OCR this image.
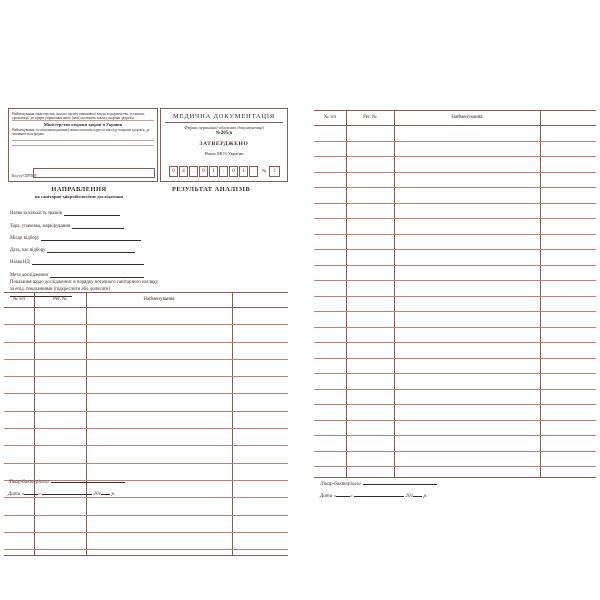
Найменування міністерства, іншого органу виконавчої влади, підприємства, установи, організації, до сфери управління якого (якої) належить заклад охорони здоров'я
Міністерство охорони здоров'я України
Найменування та місцезнаходження (повна поштова адреса) закладу охорони здоров'я, де заповнюється форма
Код за ЄДРПОУ
МЕДИЧНА ДОКУМЕНТАЦІЯ
Форма первинної облікової документації
№205/о
ЗАТВЕРДЖЕНО
Наказ МОЗ України
0	4	.	0	1	.	0	1	.	№	1
НАПРАВЛЕННЯ
на санітарно-мікробіологічне дослідження
РЕЗУЛЬТАТ АНАЛІЗІВ
Назва за кількість зразків
Тара, упаковка, маркірування
Місце відбору
Дата, час відбору
Назва НД
Мета дослідження
Показання щодо дослідження: в порядку поточного санітарного нагляду, за епід. показаннями (підкреслити або дописати)
№ з/п	Рег. №	Найменування
Лікар-бактеріолог
Дата «	»	201 р.
№ з/п	Рег. №	Найменування
Лікар-бактеріолог
Дата «	»	201 р.
